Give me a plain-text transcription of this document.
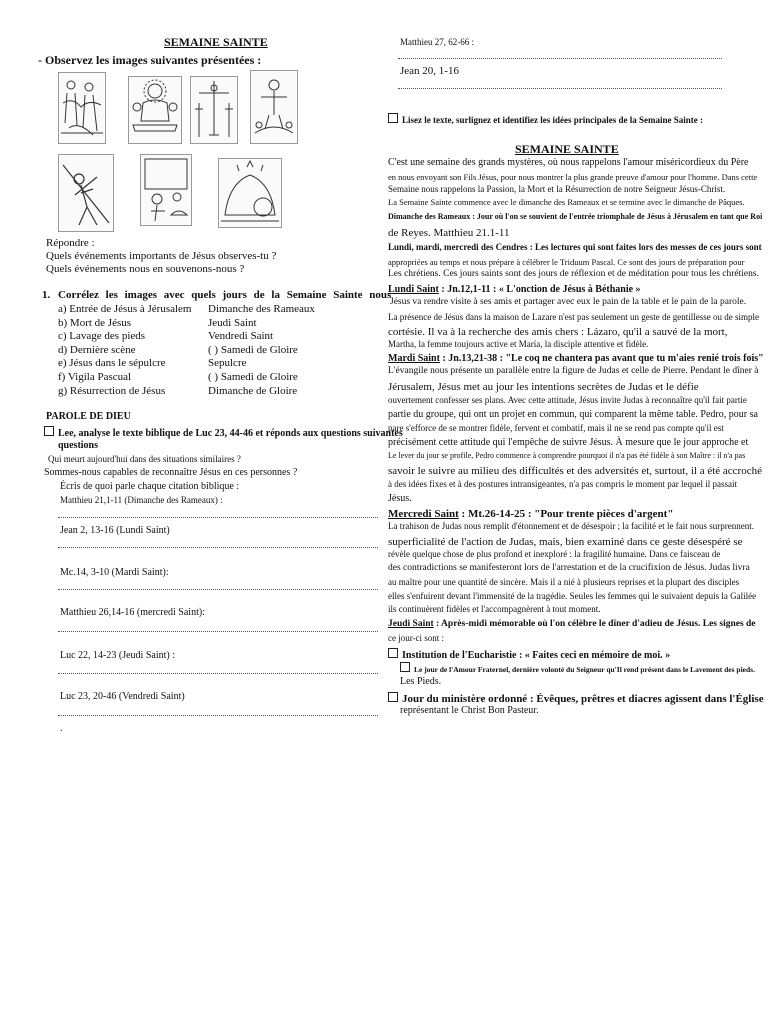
SEMAINE SAINTE
- Observez les images suivantes présentées :
Répondre :
Quels événements importants de Jésus observes-tu ?
Quels événements nous en souvenons-nous ?
1. Corrélez les images avec quels jours de la Semaine Sainte nous
a) Entrée de Jésus à Jérusalem Dimanche des Rameaux
b) Mort de Jésus	Jeudi Saint
c) Lavage des pieds	Vendredi Saint
d) Dernière scène	( ) Samedi de Gloire
e) Jésus dans le sépulcre	Sepulcre
f) Vigila Pascual	( ) Samedi de Gloire
g) Résurrection de Jésus	Dimanche de Gloire
PAROLE DE DIEU
Lee, analyse le texte biblique de Luc 23, 44-46 et réponds aux questions suivantes
questions
Qui meurt aujourd'hui dans des situations similaires ?
Sommes-nous capables de reconnaître Jésus en ces personnes ?
Écris de quoi parle chaque citation biblique :
Matthieu 21,1-11 (Dimanche des Rameaux) :
Jean 2, 13-16 (Lundi Saint)
Mc.14, 3-10 (Mardi Saint):
Matthieu 26,14-16 (mercredi Saint):
Luc 22, 14-23 (Jeudi Saint) :
Luc 23, 20-46 (Vendredi Saint)
.
Matthieu 27, 62-66 :
Jean 20, 1-16
Lisez le texte, surlignez et identifiez les idées principales de la Semaine Sainte :
SEMAINE SAINTE
C'est une semaine des grands mystères, où nous rappelons l'amour miséricordieux du Père
en nous envoyant son Fils Jésus, pour nous montrer la plus grande preuve d'amour pour l'homme. Dans cette
Semaine nous rappelons la Passion, la Mort et la Résurrection de notre Seigneur Jésus-Christ.
La Semaine Sainte commence avec le dimanche des Rameaux et se termine avec le dimanche de Pâques.
Dimanche des Rameaux : Jour où l'on se souvient de l'entrée triomphale de Jésus à Jérusalem en tant que Roi
de Reyes. Matthieu 21.1-11
Lundi, mardi, mercredi des Cendres : Les lectures qui sont faites lors des messes de ces jours sont
appropriées au temps et nous prépare à célébrer le Triduum Pascal. Ce sont des jours de préparation pour
Les chrétiens. Ces jours saints sont des jours de réflexion et de méditation pour tous les chrétiens.
Lundi Saint : Jn.12,1-11 : « L'onction de Jésus à Béthanie »
Jésus va rendre visite à ses amis et partager avec eux le pain de la table et le pain de la parole.
La présence de Jésus dans la maison de Lazare n'est pas seulement un geste de gentillesse ou de simple
cortésie. Il va à la recherche des amis chers : Lázaro, qu'il a sauvé de la mort,
Martha, la femme toujours active et María, la disciple attentive et fidèle.
Mardi Saint : Jn.13,21-38 : "Le coq ne chantera pas avant que tu m'aies renié trois fois"
L'évangile nous présente un parallèle entre la figure de Judas et celle de Pierre. Pendant le dîner à
Jérusalem, Jésus met au jour les intentions secrètes de Judas et le défie
ouvertement confesser ses plans. Avec cette attitude, Jésus invite Judas à reconnaître qu'il fait partie
partie du groupe, qui ont un projet en commun, qui comparent la même table. Pedro, pour sa
pare s'efforce de se montrer fidèle, fervent et combatif, mais il ne se rend pas compte qu'il est
précisément cette attitude qui l'empêche de suivre Jésus. À mesure que le jour approche et
Le lever du jour se profile, Pedro commence à comprendre pourquoi il n'a pas été fidèle à son Maître : il n'a pas
savoir le suivre au milieu des difficultés et des adversités et, surtout, il a été accroché
à des idées fixes et à des postures intransigeantes, n'a pas compris le moment par lequel il passait
Jésus.
Mercredi Saint : Mt.26-14-25 : "Pour trente pièces d'argent"
La trahison de Judas nous remplit d'étonnement et de désespoir ; la facilité et le fait nous surprennent.
superficialité de l'action de Judas, mais, bien examiné dans ce geste désespéré se
révèle quelque chose de plus profond et inexploré : la fragilité humaine. Dans ce faisceau de
des contradictions se manifesteront lors de l'arrestation et de la crucifixion de Jésus. Judas livra
au maître pour une quantité de sincère. Mais il a nié à plusieurs reprises et la plupart des disciples
elles s'enfuirent devant l'immensité de la tragédie. Seules les femmes qui le suivaient depuis la Galilée
ils continuèrent fidèles et l'accompagnèrent à tout moment.
Jeudi Saint : Après-midi mémorable où l'on célèbre le dîner d'adieu de Jésus. Les signes de
ce jour-ci sont :
Institution de l'Eucharistie : « Faites ceci en mémoire de moi. »
Le jour de l'Amour Fraternel, dernière volonté du Seigneur qu'Il rend présent dans le Lavement des pieds.
Les Pieds.
Jour du ministère ordonné : Évêques, prêtres et diacres agissent dans l'Église
représentant le Christ Bon Pasteur.
